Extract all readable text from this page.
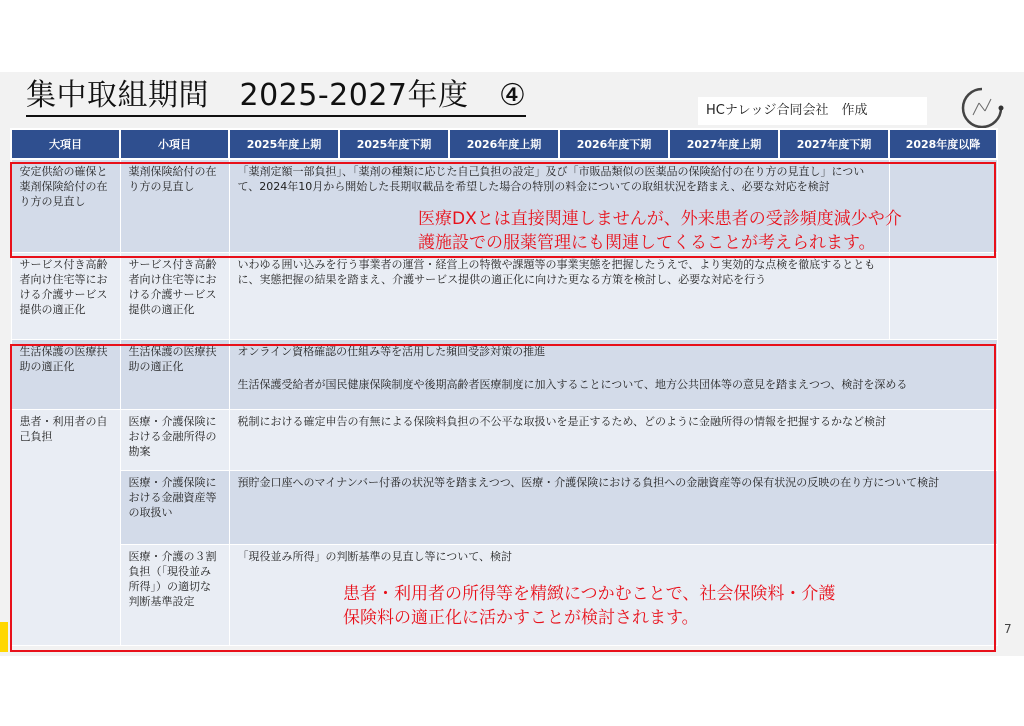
集中取組期間　2025-2027年度　④	HCナレッジ合同会社　作成
大項目	小項目	2025年度上期	2025年度下期	2026年度上期	2026年度下期	2027年度上期	2027年度下期	2028年度以降
安定供給の確保と薬剤保険給付の在り方の見直し	薬剤保険給付の在り方の見直し	「薬剤定額一部負担」、「薬剤の種類に応じた自己負担の設定」及び「市販品類似の医薬品の保険給付の在り方の見直し」について、2024年10月から開始した長期収載品を希望した場合の特別の料金についての取組状況を踏まえ、必要な対応を検討						
サービス付き高齢者向け住宅等における介護サービス提供の適正化	サービス付き高齢者向け住宅等における介護サービス提供の適正化	いわゆる囲い込みを行う事業者の運営・経営上の特徴や課題等の事業実態を把握したうえで、より実効的な点検を徹底するとともに、実態把握の結果を踏まえ、介護サービス提供の適正化に向けた更なる方策を検討し、必要な対応を行う						
生活保護の医療扶助の適正化	生活保護の医療扶助の適正化	オンライン資格確認の仕組み等を活用した頻回受診対策の推進
生活保護受給者が国民健康保険制度や後期高齢者医療制度に加入することについて、地方公共団体等の意見を踏まえつつ、検討を深める						

患者・利用者の自己負担	医療・介護保険における金融所得の勘案	税制における確定申告の有無による保険料負担の不公平な取扱いを是正するため、どのように金融所得の情報を把握するかなど検討						
	医療・介護保険における金融資産等の取扱い	預貯金口座へのマイナンバー付番の状況等を踏まえつつ、医療・介護保険における負担への金融資産等の保有状況の反映の在り方について検討						
	医療・介護の３割負担（「現役並み所得」）の適切な判断基準設定	「現役並み所得」の判断基準の見直し等について、検討						
医療DXとは直接関連しませんが、外来患者の受診頻度減少や介
護施設での服薬管理にも関連してくることが考えられます。
患者・利用者の所得等を精緻につかむことで、社会保険料・介護
保険料の適正化に活かすことが検討されます。
7
